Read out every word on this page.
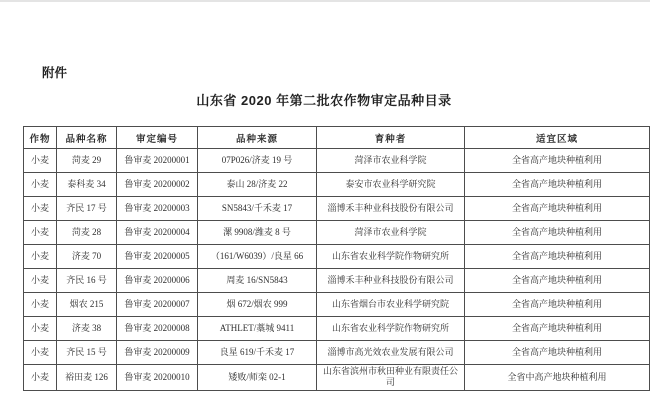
附件
山东省 2020 年第二批农作物审定品种目录
作物	品种名称	审定编号	品种来源	育种者	适宜区域
小麦	菏麦 29	鲁审麦 20200001	07P026/济麦 19 号	菏泽市农业科学院	全省高产地块种植利用
小麦	泰科麦 34	鲁审麦 20200002	泰山 28/济麦 22	泰安市农业科学研究院	全省高产地块种植利用
小麦	齐民 17 号	鲁审麦 20200003	SN5843/千禾麦 17	淄博禾丰种业科技股份有限公司	全省高产地块种植利用
小麦	菏麦 28	鲁审麦 20200004	漯 9908/潍麦 8 号	菏泽市农业科学院	全省高产地块种植利用
小麦	济麦 70	鲁审麦 20200005	（161/W6039）/良星 66	山东省农业科学院作物研究所	全省高产地块种植利用
小麦	齐民 16 号	鲁审麦 20200006	周麦 16/SN5843	淄博禾丰种业科技股份有限公司	全省高产地块种植利用
小麦	烟农 215	鲁审麦 20200007	烟 672/烟农 999	山东省烟台市农业科学研究院	全省高产地块种植利用
小麦	济麦 38	鲁审麦 20200008	ATHLET/藁城 9411	山东省农业科学院作物研究所	全省高产地块种植利用
小麦	齐民 15 号	鲁审麦 20200009	良星 619/千禾麦 17	淄博市高光效农业发展有限公司	全省高产地块种植利用
小麦	裕田麦 126	鲁审麦 20200010	矮败/师栾 02-1	山东省滨州市秋田种业有限责任公司	全省中高产地块种植利用
